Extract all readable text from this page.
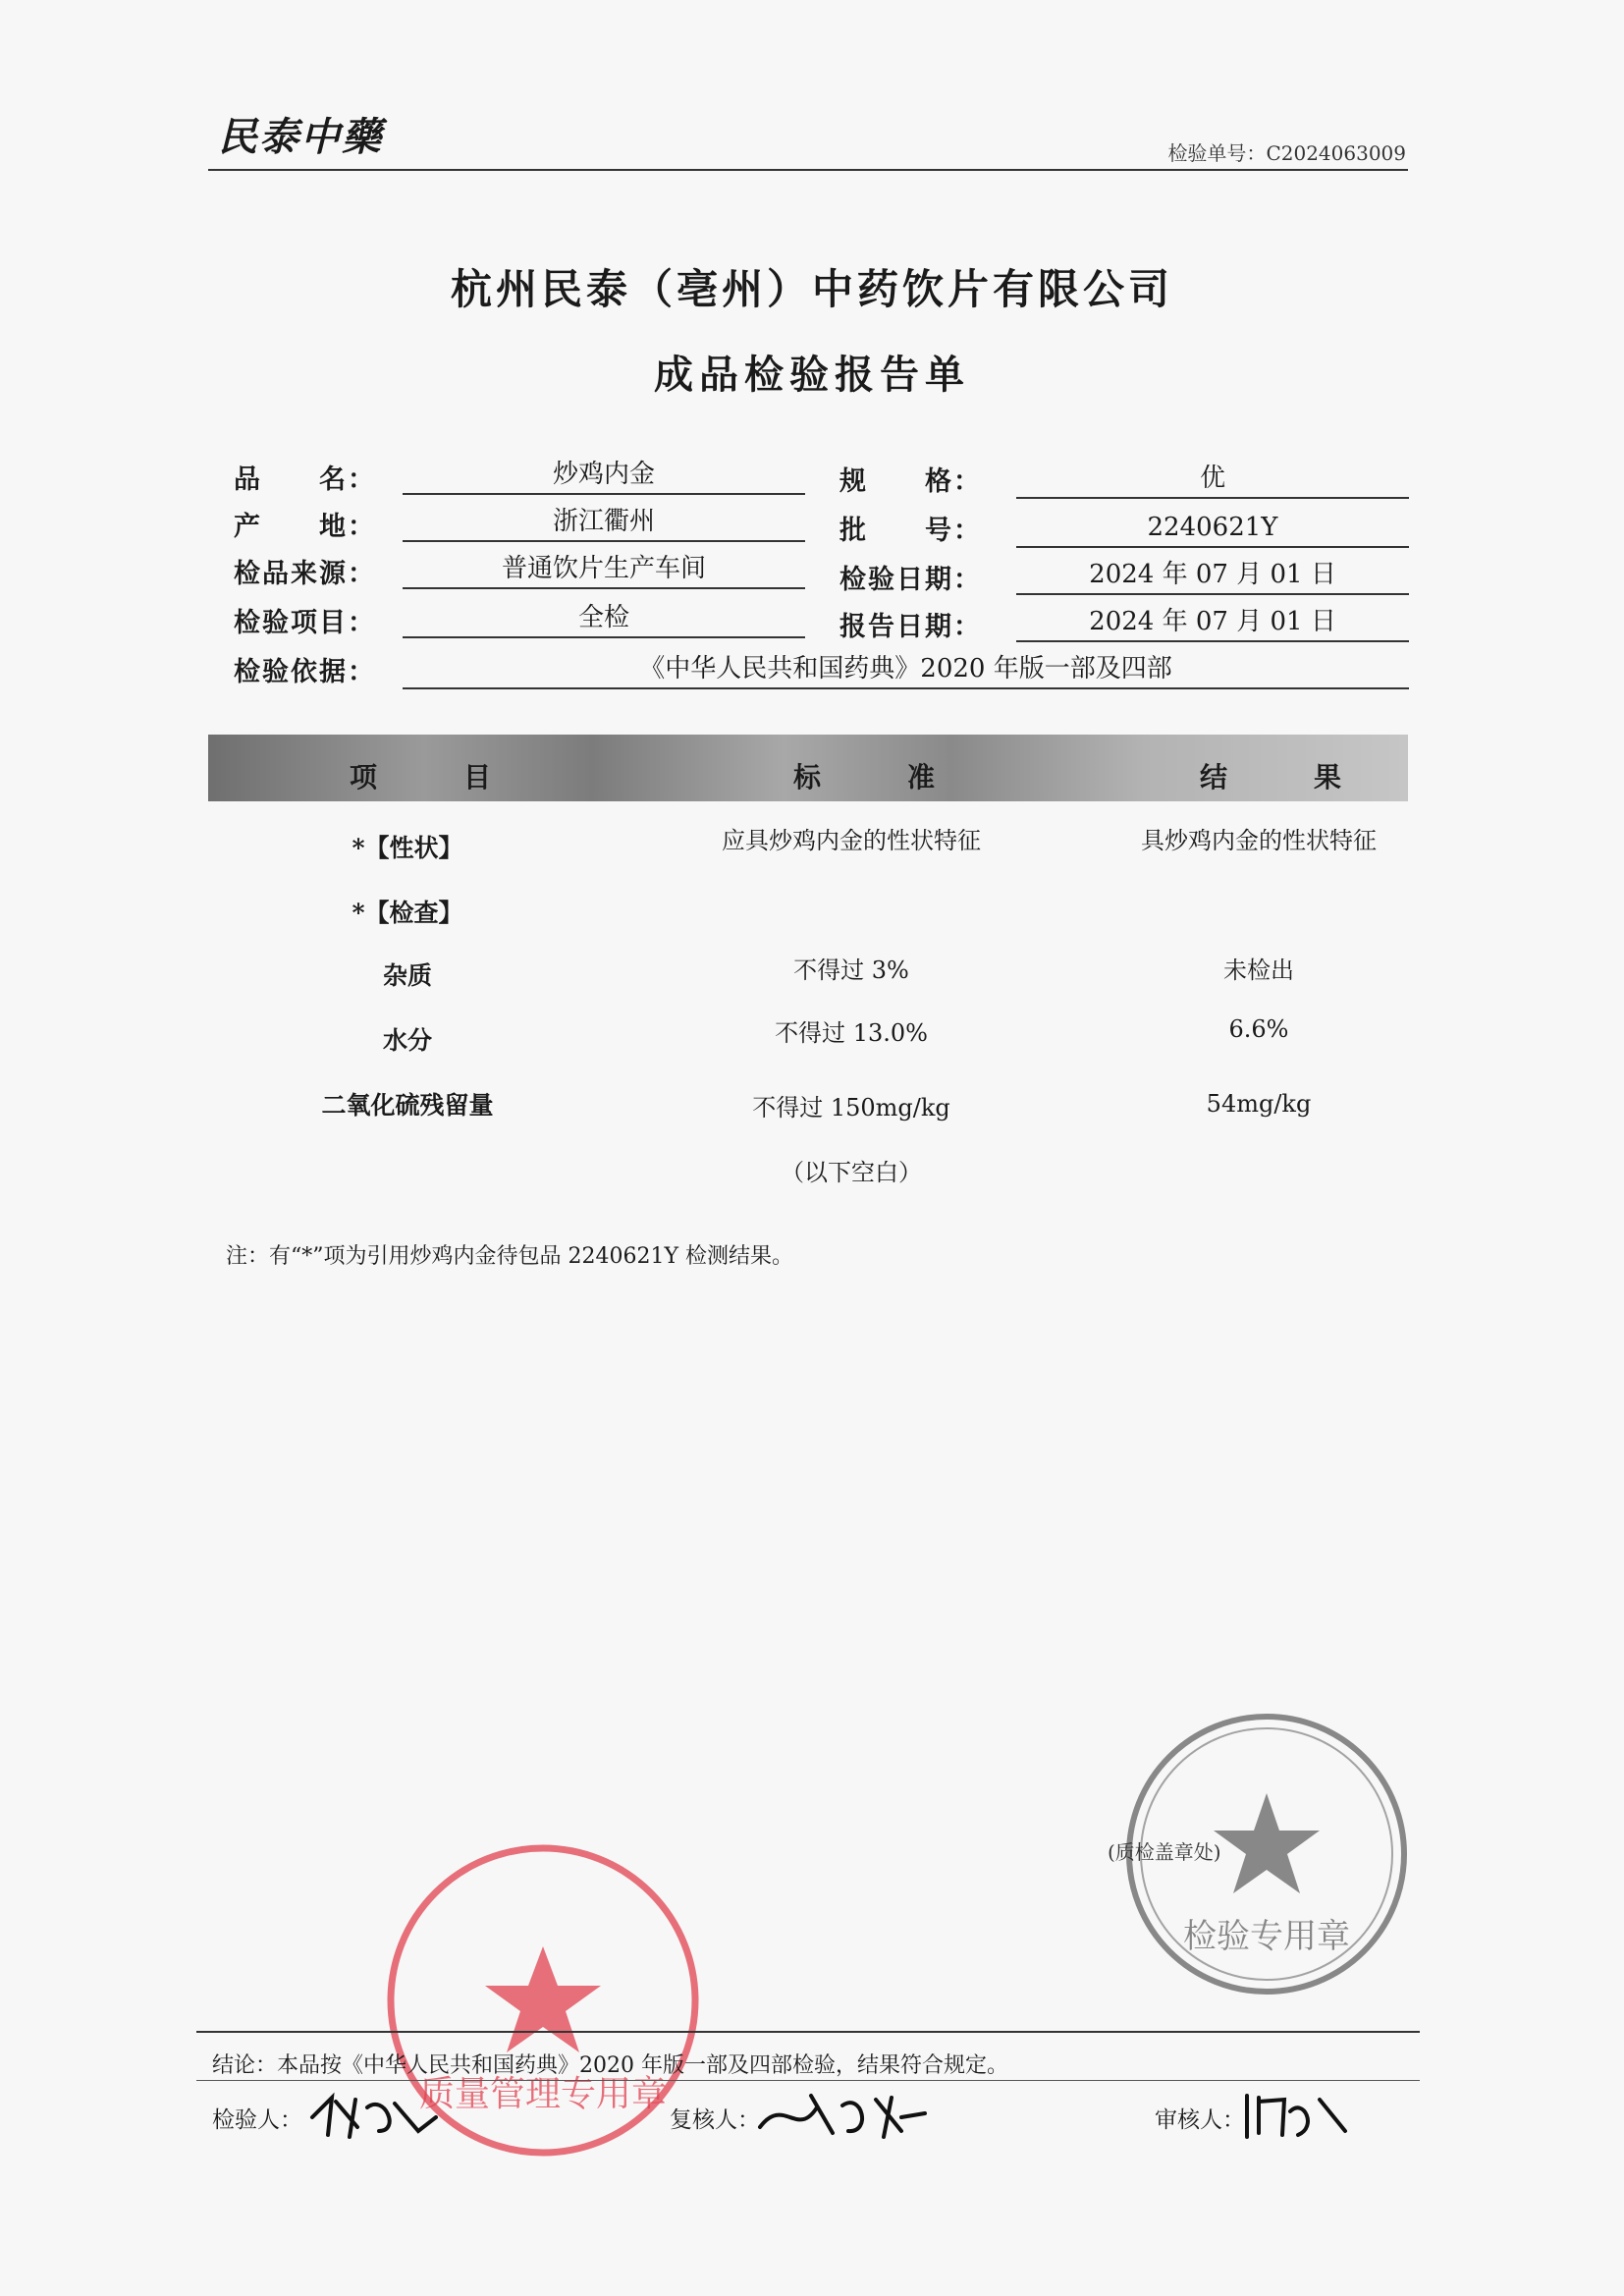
民泰中藥	检验单号：C2024063009
杭州民泰（亳州）中药饮片有限公司
成品检验报告单
品　　名：	炒鸡内金	规　　格：	优
产　　地：	浙江衢州	批　　号：	2240621Y
检品来源：	普通饮片生产车间	检验日期：	2024 年 07 月 01 日
检验项目：	全检	报告日期：	2024 年 07 月 01 日
检验依据：	《中华人民共和国药典》2020 年版一部及四部
项　目	标　准	结　果
*【性状】	应具炒鸡内金的性状特征	具炒鸡内金的性状特征
*【检查】
杂质	不得过 3%	未检出
水分	不得过 13.0%	6.6%
二氧化硫残留量	不得过 150mg/kg	54mg/kg
（以下空白）
注：有“*”项为引用炒鸡内金待包品 2240621Y 检测结果。
检验专用章
(质检盖章处)
质量管理专用章
结论：本品按《中华人民共和国药典》2020 年版一部及四部检验，结果符合规定。
检验人：	复核人：	审核人：
